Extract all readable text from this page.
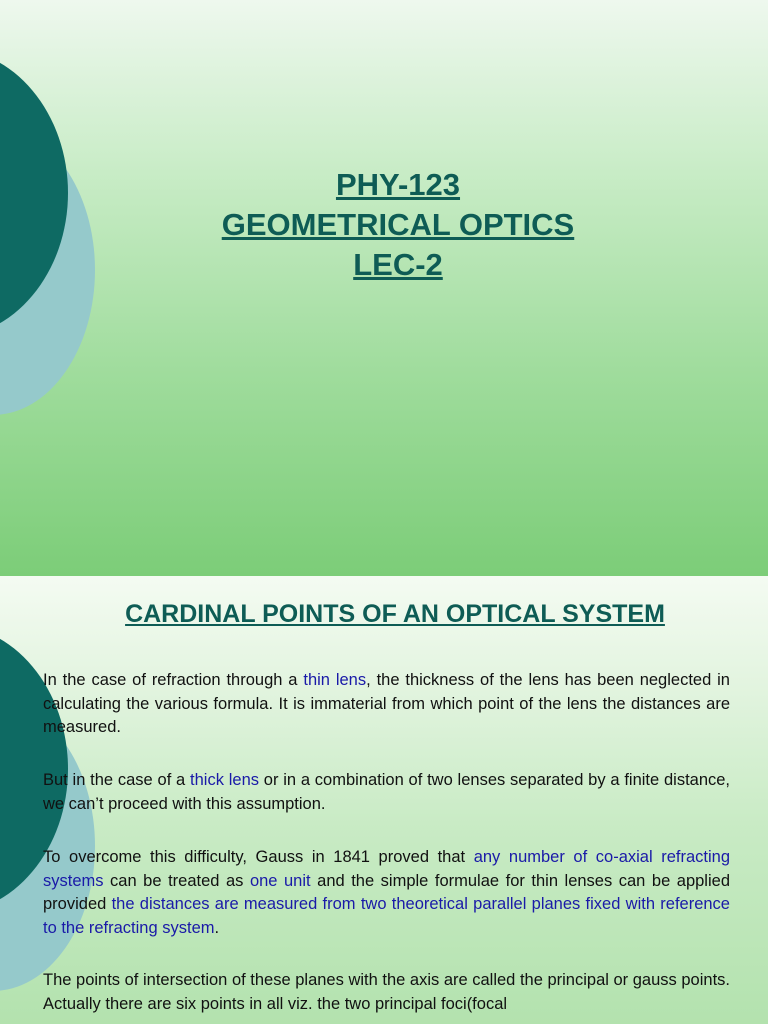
PHY-123
GEOMETRICAL OPTICS
LEC-2
CARDINAL POINTS OF AN OPTICAL SYSTEM
In the case of refraction through a thin lens, the thickness of the lens has been neglected in calculating the various formula. It is immaterial from which point of the lens the distances are measured.
But in the case of a thick lens or in a combination of two lenses separated by a finite distance, we can’t proceed with this assumption.
To overcome this difficulty, Gauss in 1841 proved that any number of co-axial refracting systems can be treated as one unit and the simple formulae for thin lenses can be applied provided the distances are measured from two theoretical parallel planes fixed with reference to the refracting system.
The points of intersection of these planes with the axis are called the principal or gauss points. Actually there are six points in all viz. the two principal foci(focal
